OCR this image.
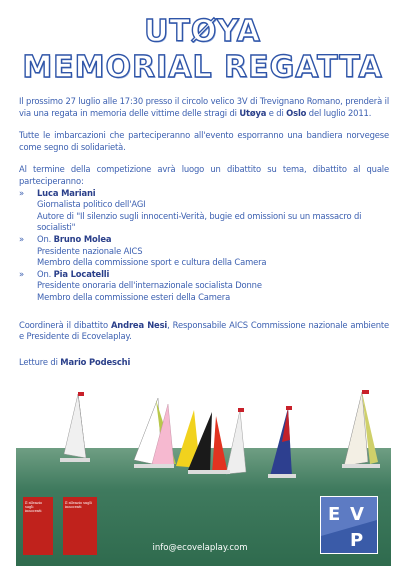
UTØYA
MEMORIAL REGATTA

Il prossimo 27 luglio alle 17:30 presso il circolo velico 3V di Trevignano Romano, prenderà il via una regata in memoria delle vittime delle stragi di Utøya e di Oslo del luglio 2011.

Tutte le imbarcazioni che parteciperanno all'evento esporranno una bandiera norvegese come segno di solidarietà.

Al termine della competizione avrà luogo un dibattito su tema, dibattito al quale parteciperanno:
» Luca Mariani
Giornalista politico dell'AGI
Autore di "Il silenzio sugli innocenti-Verità, bugie ed omissioni su un massacro di socialisti"
» On. Bruno Molea
Presidente nazionale AICS
Membro della commissione sport e cultura della Camera
» On. Pia Locatelli
Presidente onoraria dell'internazionale socialista Donne
Membro della commissione esteri della Camera

Coordinerà il dibattito Andrea Nesi, Responsabile AICS Commissione nazionale ambiente e Presidente di Ecovelaplay.

Letture di Mario Podeschi

Il silenzio sugli innocenti
Il silenzio sugli innocenti
info@ecovelaplay.com
E V
P
